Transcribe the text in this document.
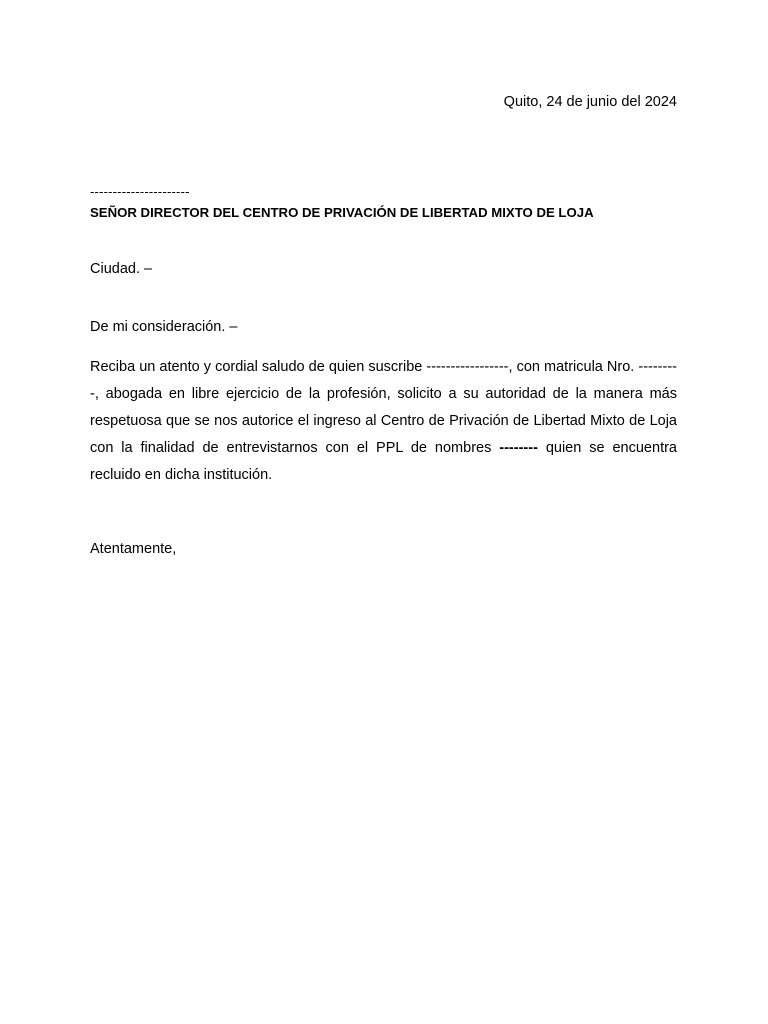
Quito, 24 de junio del 2024
----------------------
SEÑOR DIRECTOR DEL CENTRO DE PRIVACIÓN DE LIBERTAD MIXTO DE LOJA
Ciudad. –
De mi consideración. –

Reciba un atento y cordial saludo de quien suscribe -----------------, con matricula Nro. ---------, abogada en libre ejercicio de la profesión, solicito a su autoridad de la manera más respetuosa que se nos autorice el ingreso al Centro de Privación de Libertad Mixto de Loja con la finalidad de entrevistarnos con el PPL de nombres -------- quien se encuentra recluido en dicha institución.

Atentamente,
